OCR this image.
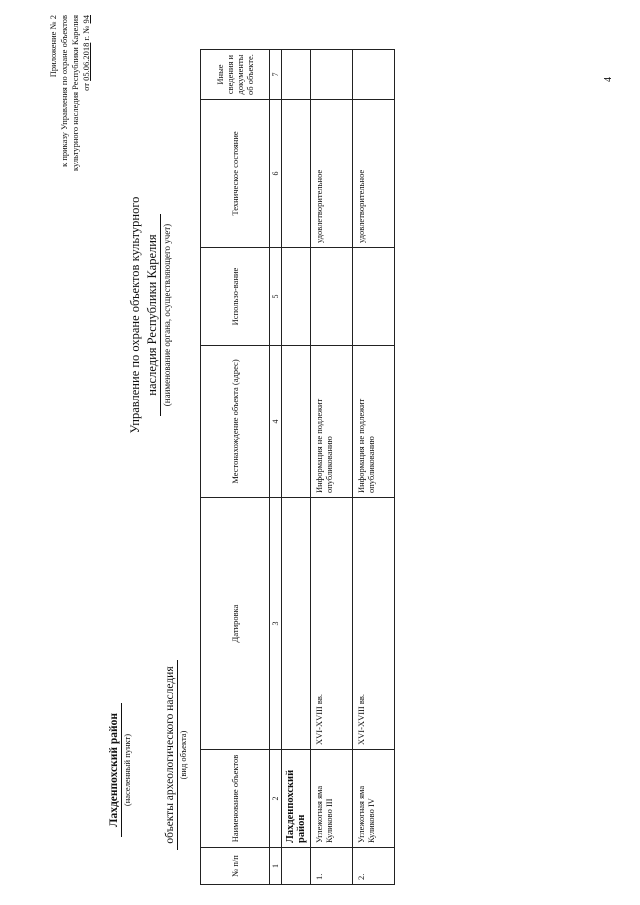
4
Приложение № 2 к приказу Управления по охране объектов культурного наследия Республики Карелия от 05.06.2018 г. № 94
Управление по охране объектов культурного наследия Республики Карелия (наименование органа, осуществляющего учет)
Лахденпохский район (населенный пункт)	объекты археологического наследия (вид объекта)
№ п/п	Наименование объектов	Датировка	Местонахождение объекта (адрес)	Использо-вание	Техническое состояние	Иные сведения и документы об объекте.
1	2	3	4	5	6	7
	Лахденпохский район					
1.	Углежогная яма Куликово III	XVI-XVIII вв.	Информация не подлежит опубликованию		удовлетворительное	
2.	Углежогная яма Куликово IV	XVI-XVIII вв.	Информация не подлежит опубликованию		удовлетворительное	
